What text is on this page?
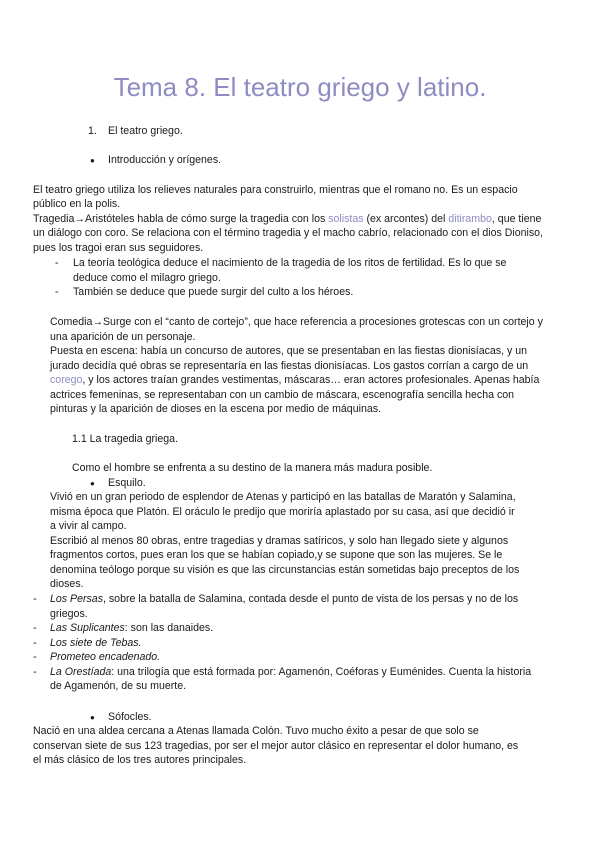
Tema 8. El teatro griego y latino.

1. El teatro griego.

● Introducción y orígenes.

El teatro griego utiliza los relieves naturales para construirlo, mientras que el romano no. Es un espacio

público en la polis.

Tragedia→Aristóteles habla de cómo surge la tragedia con los solistas (ex arcontes) del ditirambo, que tiene

un diálogo con coro. Se relaciona con el término tragedia y el macho cabrío, relacionado con el dios Dioniso,

pues los tragoi eran sus seguidores.

- La teoría teológica deduce el nacimiento de la tragedia de los ritos de fertilidad. Es lo que se

deduce como el milagro griego.

- También se deduce que puede surgir del culto a los héroes.

Comedia→Surge con el “canto de cortejo”, que hace referencia a procesiones grotescas con un cortejo y

una aparición de un personaje.

Puesta en escena: había un concurso de autores, que se presentaban en las fiestas dionisíacas, y un

jurado decidía qué obras se representaría en las fiestas dionisíacas. Los gastos corrían a cargo de un

corego, y los actores traían grandes vestimentas, máscaras… eran actores profesionales. Apenas había

actrices femeninas, se representaban con un cambio de máscara, escenografía sencilla hecha con

pinturas y la aparición de dioses en la escena por medio de máquinas.

1.1 La tragedia griega.

Como el hombre se enfrenta a su destino de la manera más madura posible.

● Esquilo.

Vivió en un gran periodo de esplendor de Atenas y participó en las batallas de Maratón y Salamina,

misma época que Platón. El oráculo le predijo que moriría aplastado por su casa, así que decidió ir

a vivir al campo.

Escribió al menos 80 obras, entre tragedias y dramas satíricos, y solo han llegado siete y algunos

fragmentos cortos, pues eran los que se habían copiado,y se supone que son las mujeres. Se le

denomina teólogo porque su visión es que las circunstancias están sometidas bajo preceptos de los

dioses.

- Los Persas, sobre la batalla de Salamina, contada desde el punto de vista de los persas y no de los

griegos.

- Las Suplicantes: son las danaides.

- Los siete de Tebas.

- Prometeo encadenado.

- La Orestíada: una trilogía que está formada por: Agamenón, Coéforas y Euménides. Cuenta la historia

de Agamenón, de su muerte.

● Sófocles.

Nació en una aldea cercana a Atenas llamada Colón. Tuvo mucho éxito a pesar de que solo se

conservan siete de sus 123 tragedias, por ser el mejor autor clásico en representar el dolor humano, es

el más clásico de los tres autores principales.
